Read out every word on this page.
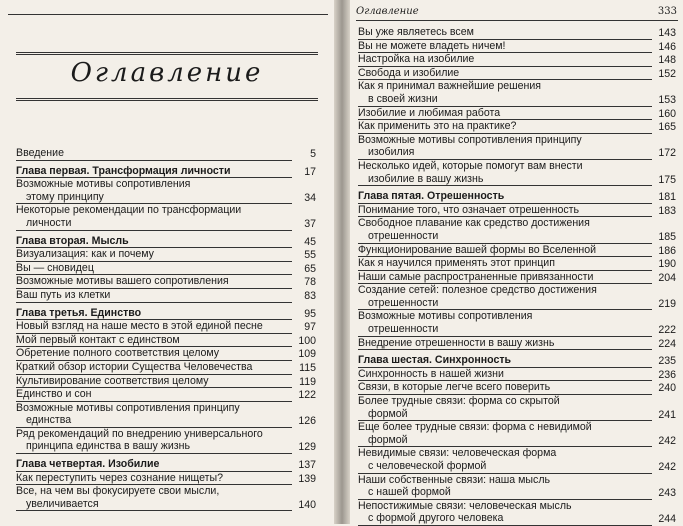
Оглавление
Введение	5
Глава первая. Трансформация личности	17
Возможные мотивы сопротивления
этому принципу	34
Некоторые рекомендации по трансформации
личности	37
Глава вторая. Мысль	45
Визуализация: как и почему	55
Вы — сновидец	65
Возможные мотивы вашего сопротивления	78
Ваш путь из клетки	83
Глава третья. Единство	95
Новый взгляд на наше место в этой единой песне	97
Мой первый контакт с единством	100
Обретение полного соответствия целому	109
Краткий обзор истории Существа Человечества	115
Культивирование соответствия целому	119
Единство и сон	122
Возможные мотивы сопротивления принципу
единства	126
Ряд рекомендаций по внедрению универсального
принципа единства в вашу жизнь	129
Глава четвертая. Изобилие	137
Как переступить через сознание нищеты?	139
Все, на чем вы фокусируете свои мысли,
увеличивается	140
Оглавление	333
Вы уже являетесь всем	143
Вы не можете владеть ничем!	146
Настройка на изобилие	148
Свобода и изобилие	152
Как я принимал важнейшие решения
в своей жизни	153
Изобилие и любимая работа	160
Как применить это на практике?	165
Возможные мотивы сопротивления принципу
изобилия	172
Несколько идей, которые помогут вам внести
изобилие в вашу жизнь	175
Глава пятая. Отрешенность	181
Понимание того, что означает отрешенность	183
Свободное плавание как средство достижения
отрешенности	185
Функционирование вашей формы во Вселенной	186
Как я научился применять этот принцип	190
Наши самые распространенные привязанности	204
Создание сетей: полезное средство достижения
отрешенности	219
Возможные мотивы сопротивления
отрешенности	222
Внедрение отрешенности в вашу жизнь	224
Глава шестая. Синхронность	235
Синхронность в нашей жизни	236
Связи, в которые легче всего поверить	240
Более трудные связи: форма со скрытой
формой	241
Еще более трудные связи: форма с невидимой
формой	242
Невидимые связи: человеческая форма
с человеческой формой	242
Наши собственные связи: наша мысль
с нашей формой	243
Непостижимые связи: человеческая мысль
с формой другого человека	244
